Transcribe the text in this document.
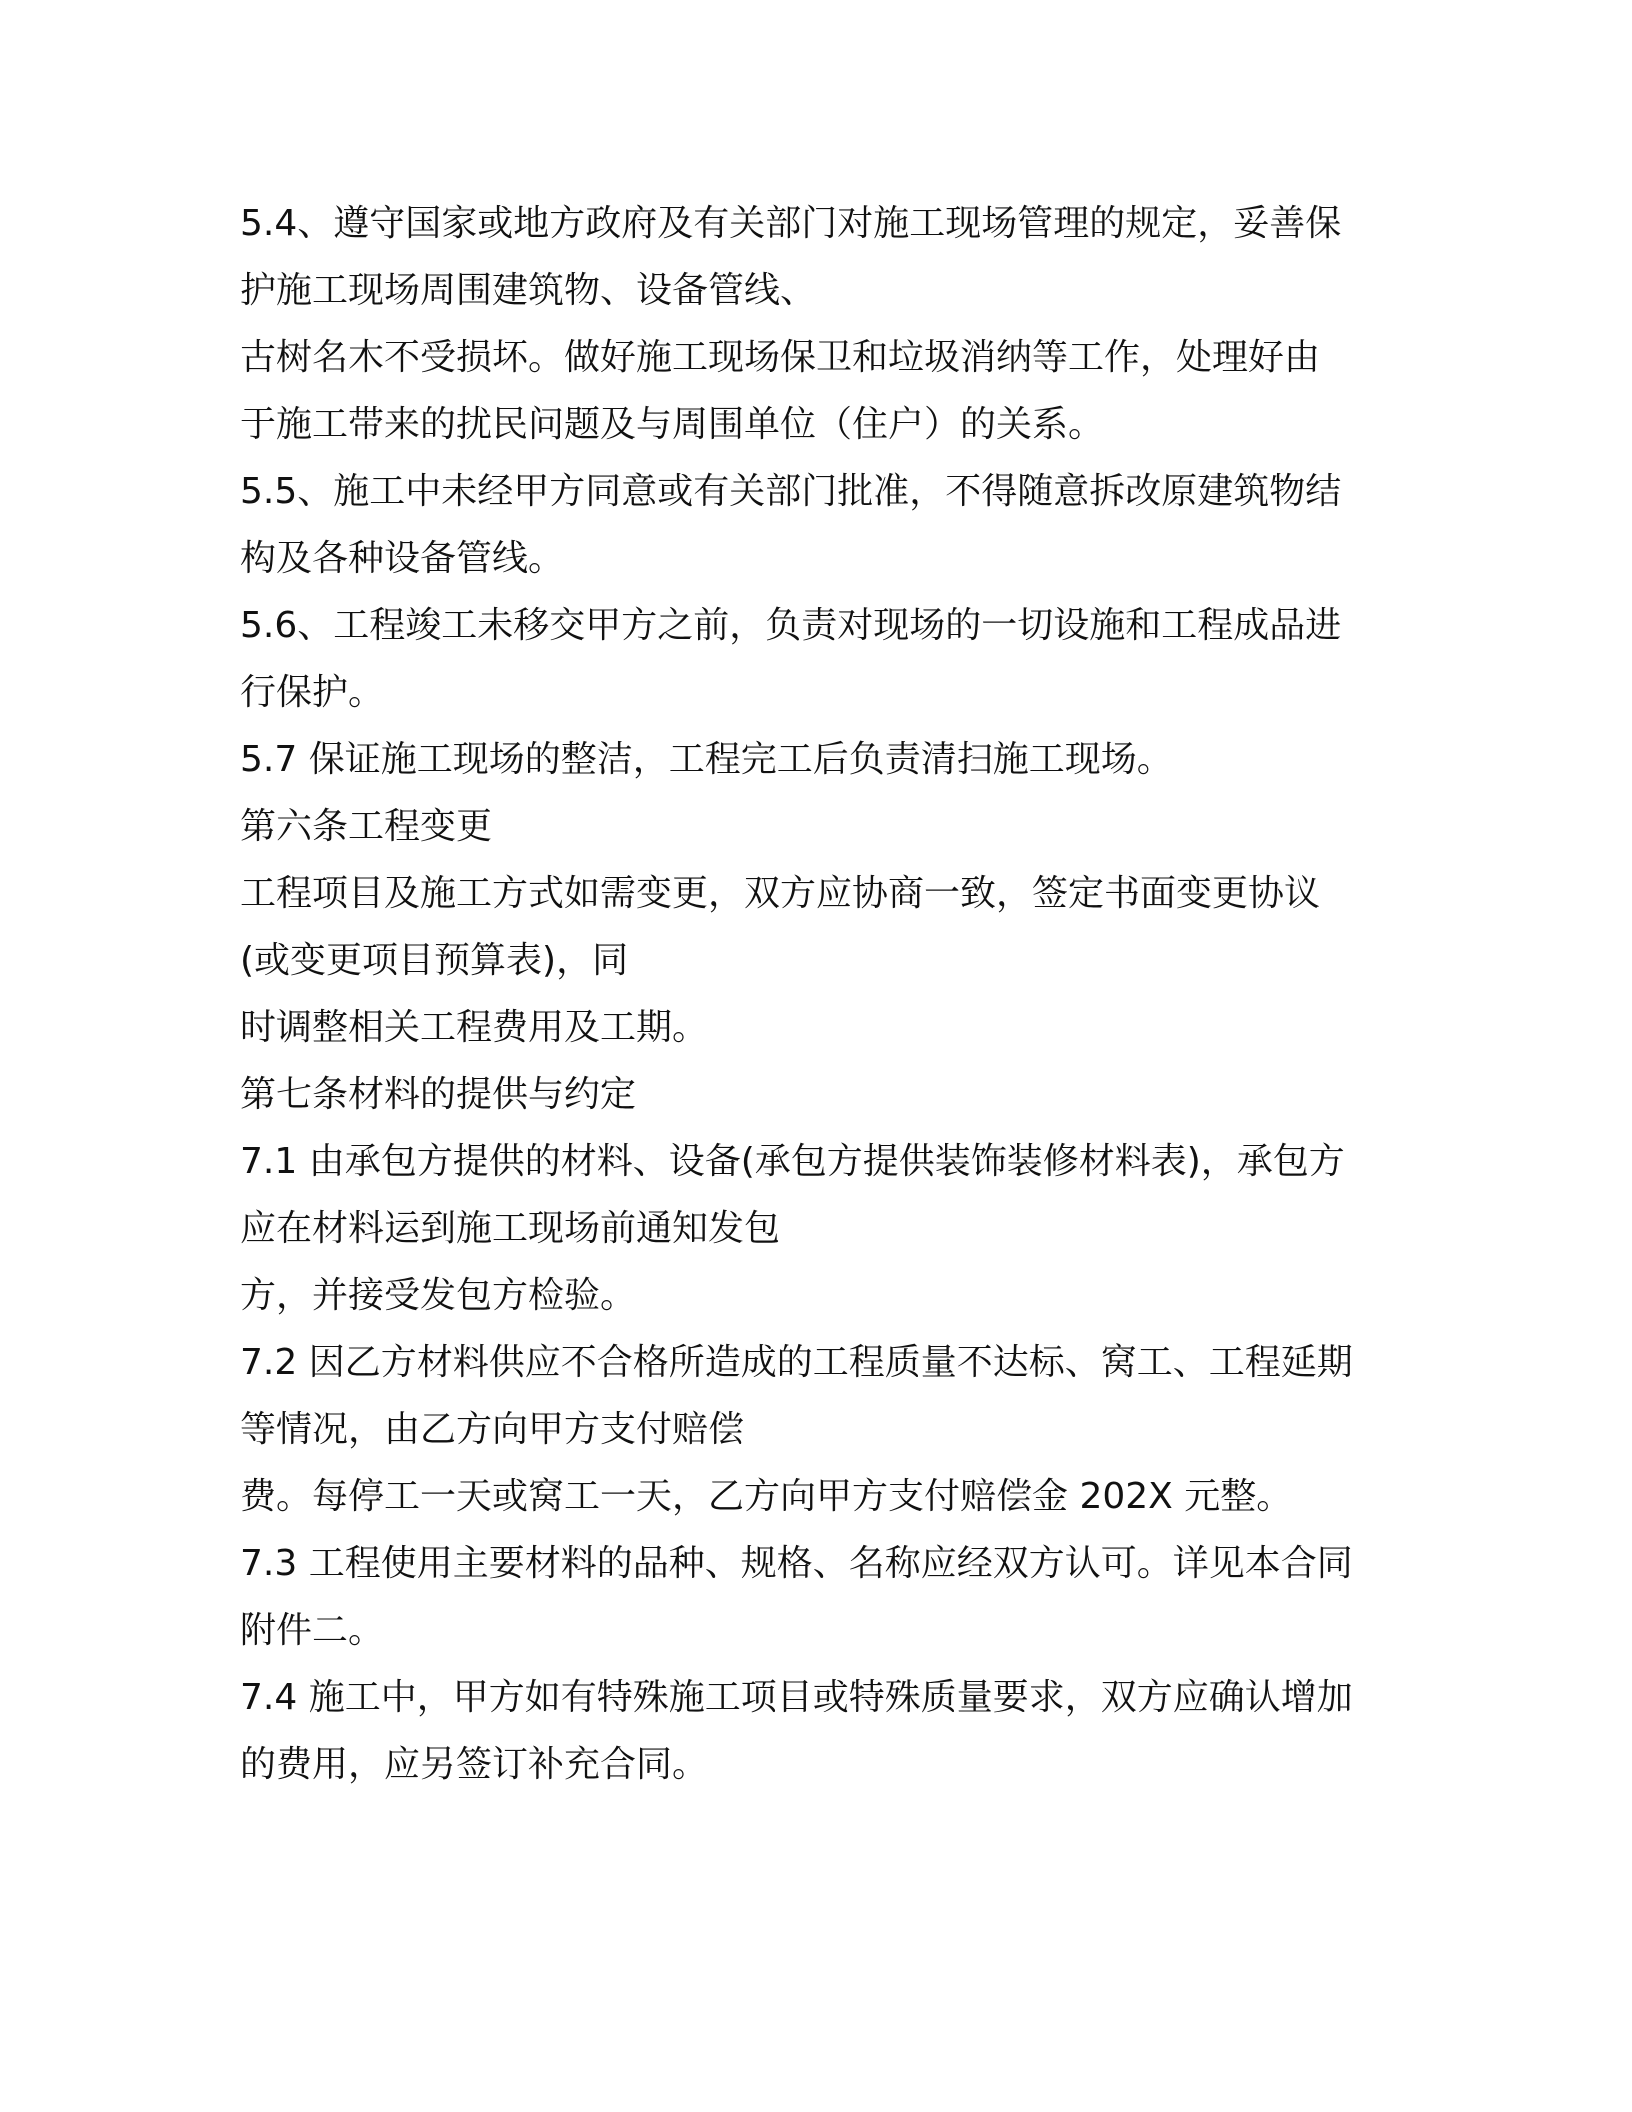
5.4、遵守国家或地方政府及有关部门对施工现场管理的规定，妥善保
护施工现场周围建筑物、设备管线、
古树名木不受损坏。做好施工现场保卫和垃圾消纳等工作，处理好由
于施工带来的扰民问题及与周围单位（住户）的关系。
5.5、施工中未经甲方同意或有关部门批准，不得随意拆改原建筑物结
构及各种设备管线。
5.6、工程竣工未移交甲方之前，负责对现场的一切设施和工程成品进
行保护。
5.7 保证施工现场的整洁，工程完工后负责清扫施工现场。
第六条工程变更
工程项目及施工方式如需变更，双方应协商一致，签定书面变更协议
(或变更项目预算表)，同
时调整相关工程费用及工期。
第七条材料的提供与约定
7.1 由承包方提供的材料、设备(承包方提供装饰装修材料表)，承包方
应在材料运到施工现场前通知发包
方，并接受发包方检验。
7.2 因乙方材料供应不合格所造成的工程质量不达标、窝工、工程延期
等情况，由乙方向甲方支付赔偿
费。每停工一天或窝工一天，乙方向甲方支付赔偿金 202X 元整。
7.3 工程使用主要材料的品种、规格、名称应经双方认可。详见本合同
附件二。
7.4 施工中，甲方如有特殊施工项目或特殊质量要求，双方应确认增加
的费用，应另签订补充合同。
